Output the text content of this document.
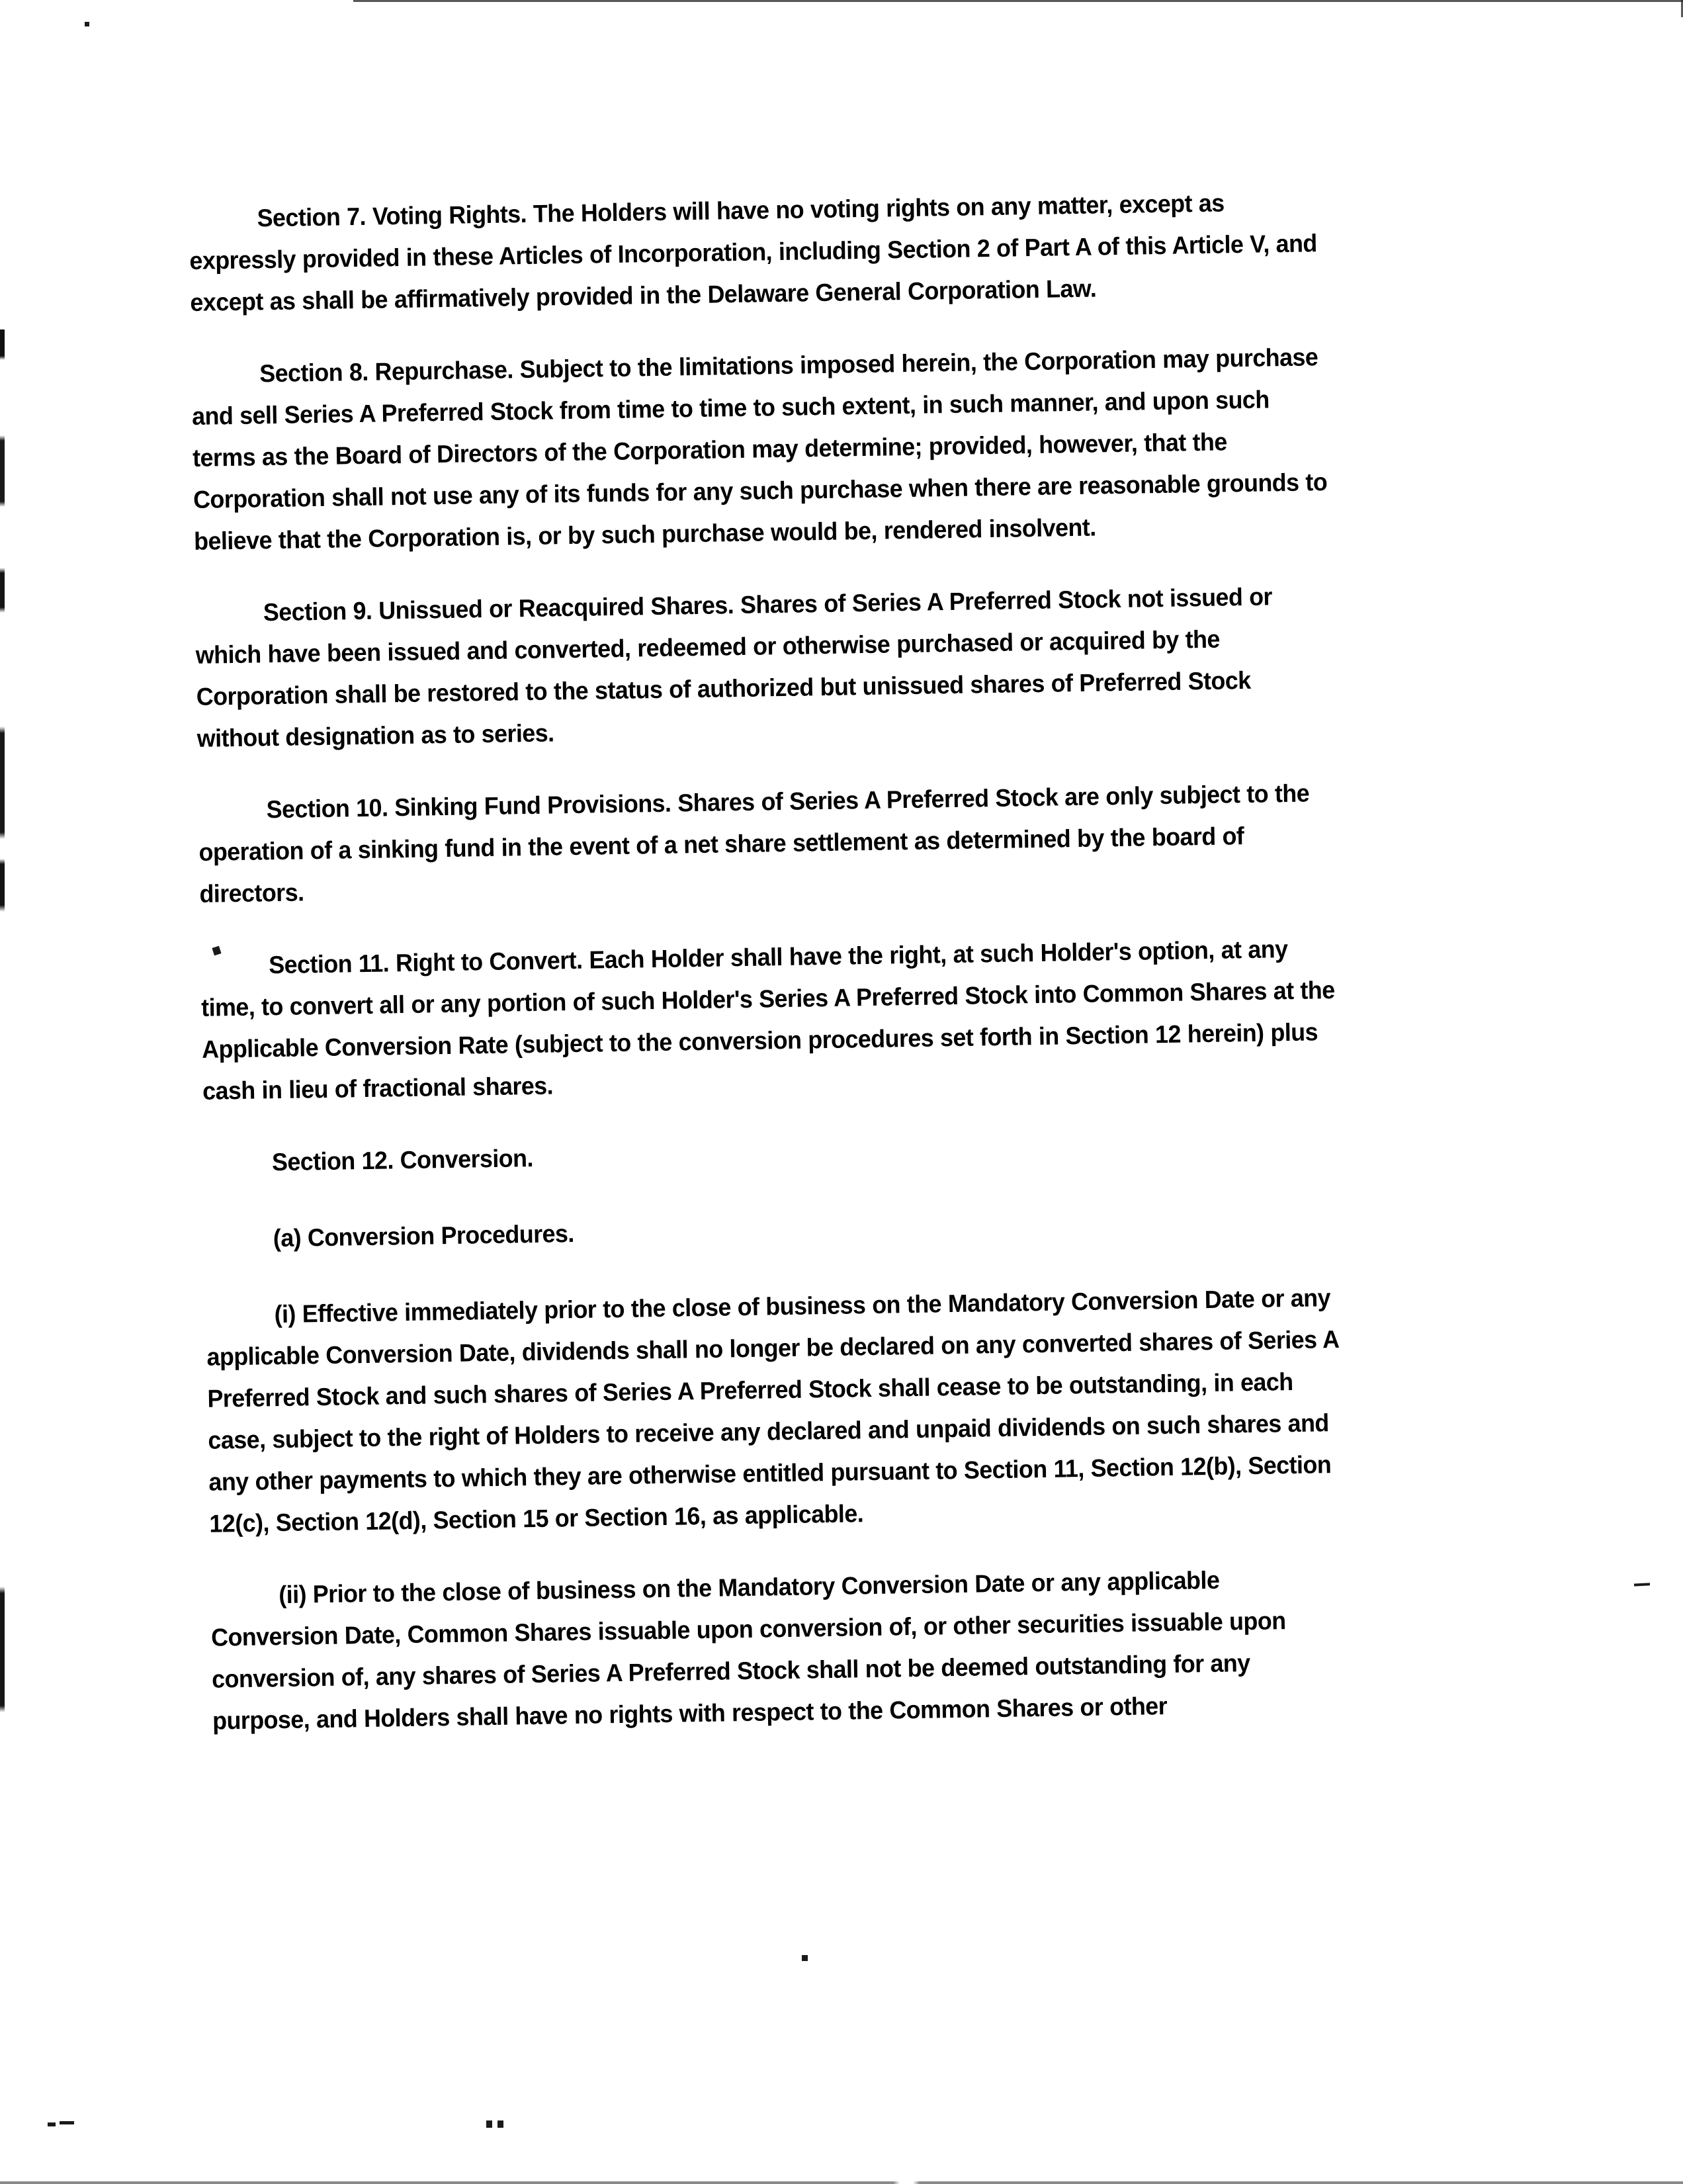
Section 7. Voting Rights. The Holders will have no voting rights on any matter, except as expressly provided in these Articles of Incorporation, including Section 2 of Part A of this Article V, and except as shall be affirmatively provided in the Delaware General Corporation Law.

Section 8. Repurchase. Subject to the limitations imposed herein, the Corporation may purchase and sell Series A Preferred Stock from time to time to such extent, in such manner, and upon such terms as the Board of Directors of the Corporation may determine; provided, however, that the Corporation shall not use any of its funds for any such purchase when there are reasonable grounds to believe that the Corporation is, or by such purchase would be, rendered insolvent.

Section 9. Unissued or Reacquired Shares. Shares of Series A Preferred Stock not issued or which have been issued and converted, redeemed or otherwise purchased or acquired by the Corporation shall be restored to the status of authorized but unissued shares of Preferred Stock without designation as to series.

Section 10. Sinking Fund Provisions. Shares of Series A Preferred Stock are only subject to the operation of a sinking fund in the event of a net share settlement as determined by the board of directors.

Section 11. Right to Convert. Each Holder shall have the right, at such Holder's option, at any time, to convert all or any portion of such Holder's Series A Preferred Stock into Common Shares at the Applicable Conversion Rate (subject to the conversion procedures set forth in Section 12 herein) plus cash in lieu of fractional shares.

Section 12. Conversion.

(a) Conversion Procedures.

(i) Effective immediately prior to the close of business on the Mandatory Conversion Date or any applicable Conversion Date, dividends shall no longer be declared on any converted shares of Series A Preferred Stock and such shares of Series A Preferred Stock shall cease to be outstanding, in each case, subject to the right of Holders to receive any declared and unpaid dividends on such shares and any other payments to which they are otherwise entitled pursuant to Section 11, Section 12(b), Section 12(c), Section 12(d), Section 15 or Section 16, as applicable.

(ii) Prior to the close of business on the Mandatory Conversion Date or any applicable Conversion Date, Common Shares issuable upon conversion of, or other securities issuable upon conversion of, any shares of Series A Preferred Stock shall not be deemed outstanding for any purpose, and Holders shall have no rights with respect to the Common Shares or other
